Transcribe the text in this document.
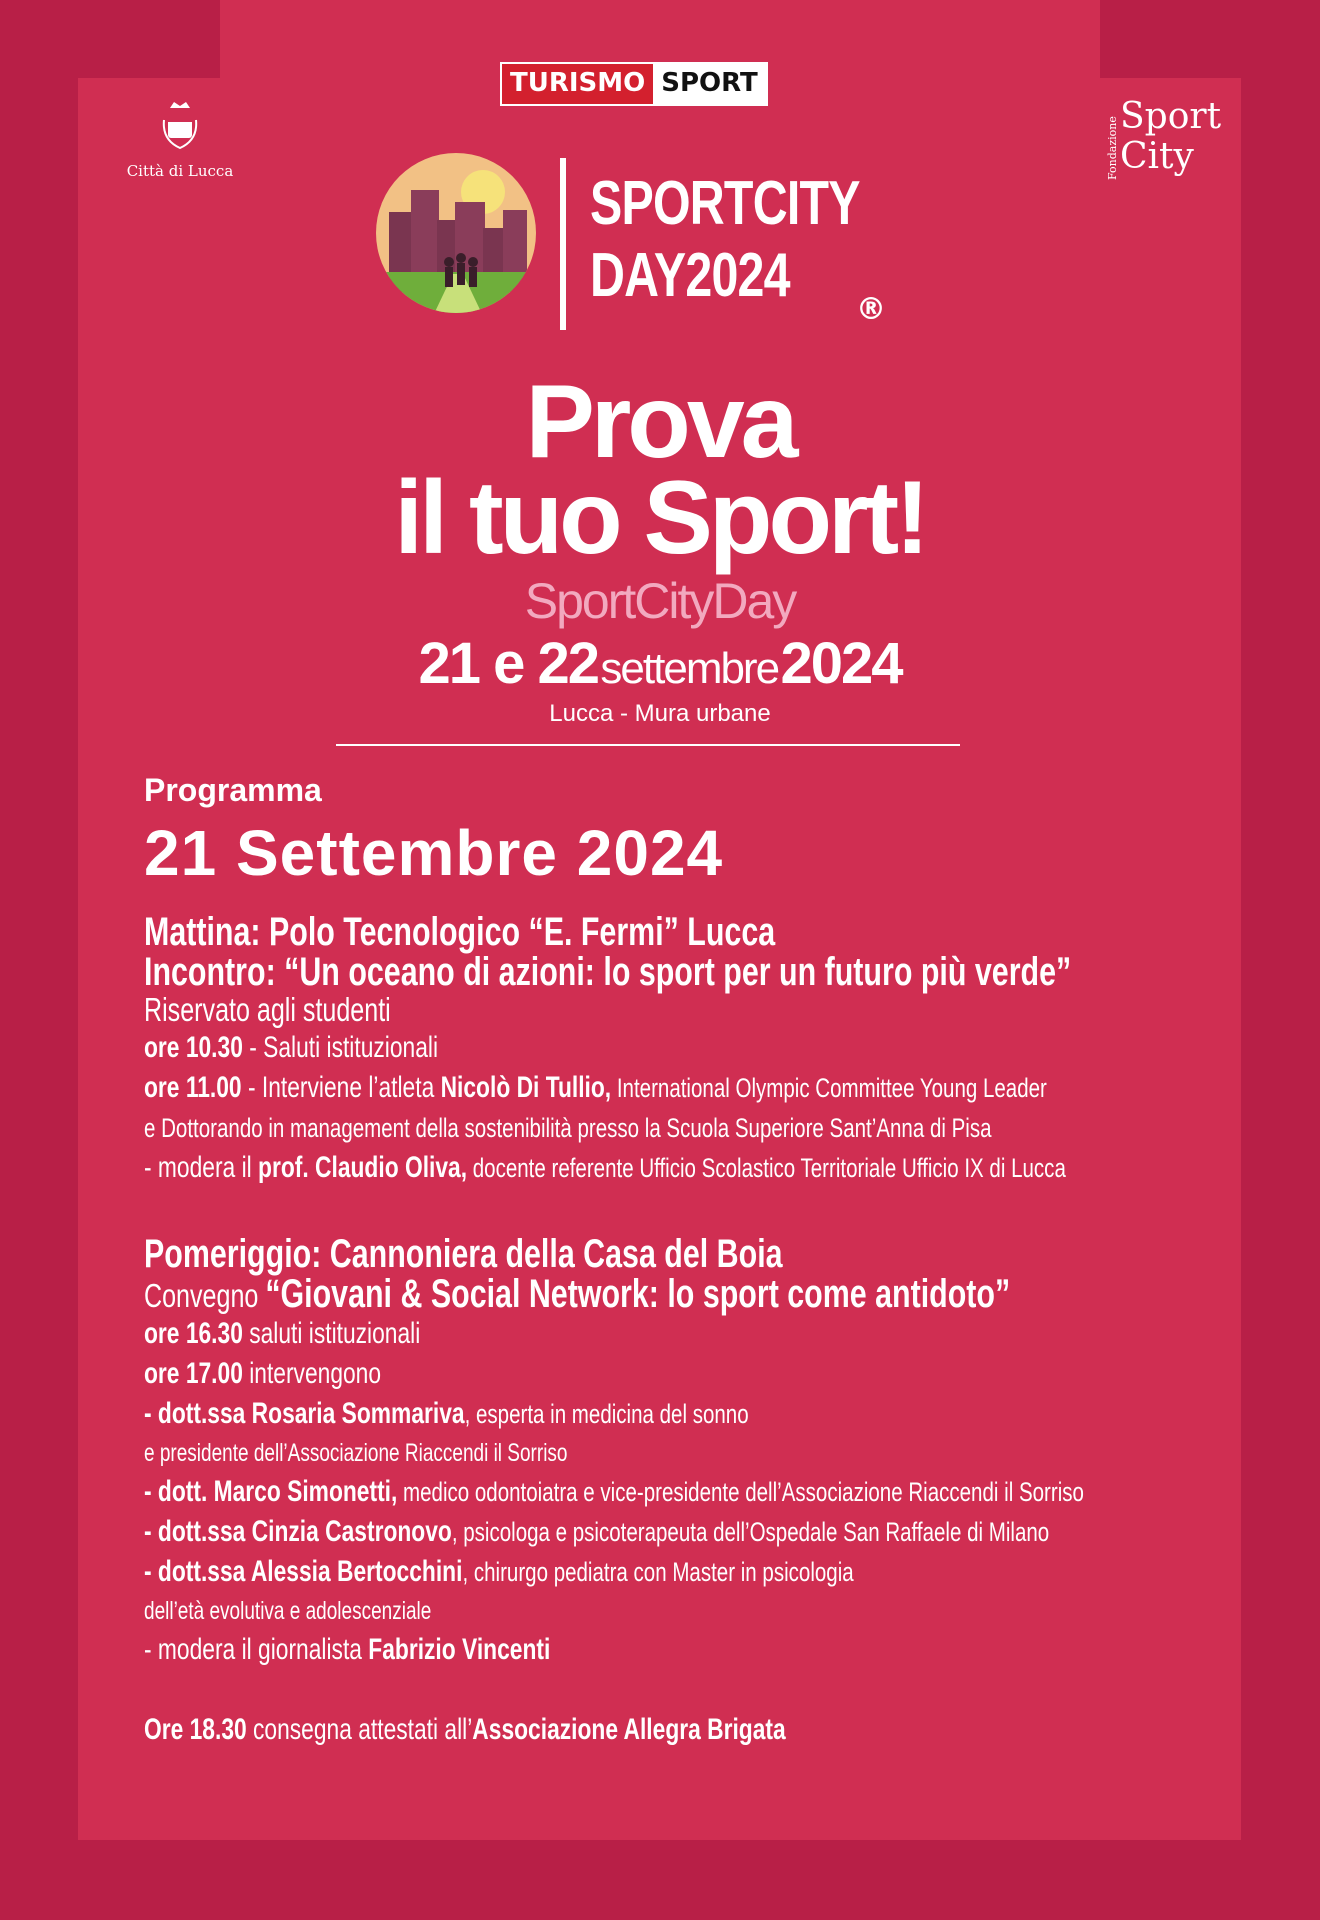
TURISMO SPORT
Città di Lucca	Fondazione Sport
City
SPORTCITY
DAY2024	®
Prova
il tuo Sport!
SportCityDay
21 e 22 settembre 2024
Lucca - Mura urbane
Programma
21 Settembre 2024
Mattina: Polo Tecnologico “E. Fermi” Lucca
Incontro: “Un oceano di azioni: lo sport per un futuro più verde”
Riservato agli studenti
ore 10.30 - Saluti istituzionali
ore 11.00 - Interviene l’atleta Nicolò Di Tullio, International Olympic Committee Young Leader
e Dottorando in management della sostenibilità presso la Scuola Superiore Sant’Anna di Pisa
- modera il prof. Claudio Oliva, docente referente Ufficio Scolastico Territoriale Ufficio IX di Lucca
Pomeriggio: Cannoniera della Casa del Boia
Convegno “Giovani & Social Network: lo sport come antidoto”
ore 16.30 saluti istituzionali
ore 17.00 intervengono
- dott.ssa Rosaria Sommariva, esperta in medicina del sonno
e presidente dell’Associazione Riaccendi il Sorriso
- dott. Marco Simonetti, medico odontoiatra e vice-presidente dell’Associazione Riaccendi il Sorriso
- dott.ssa Cinzia Castronovo, psicologa e psicoterapeuta dell’Ospedale San Raffaele di Milano
- dott.ssa Alessia Bertocchini, chirurgo pediatra con Master in psicologia
dell’età evolutiva e adolescenziale
- modera il giornalista Fabrizio Vincenti
Ore 18.30 consegna attestati all’Associazione Allegra Brigata
